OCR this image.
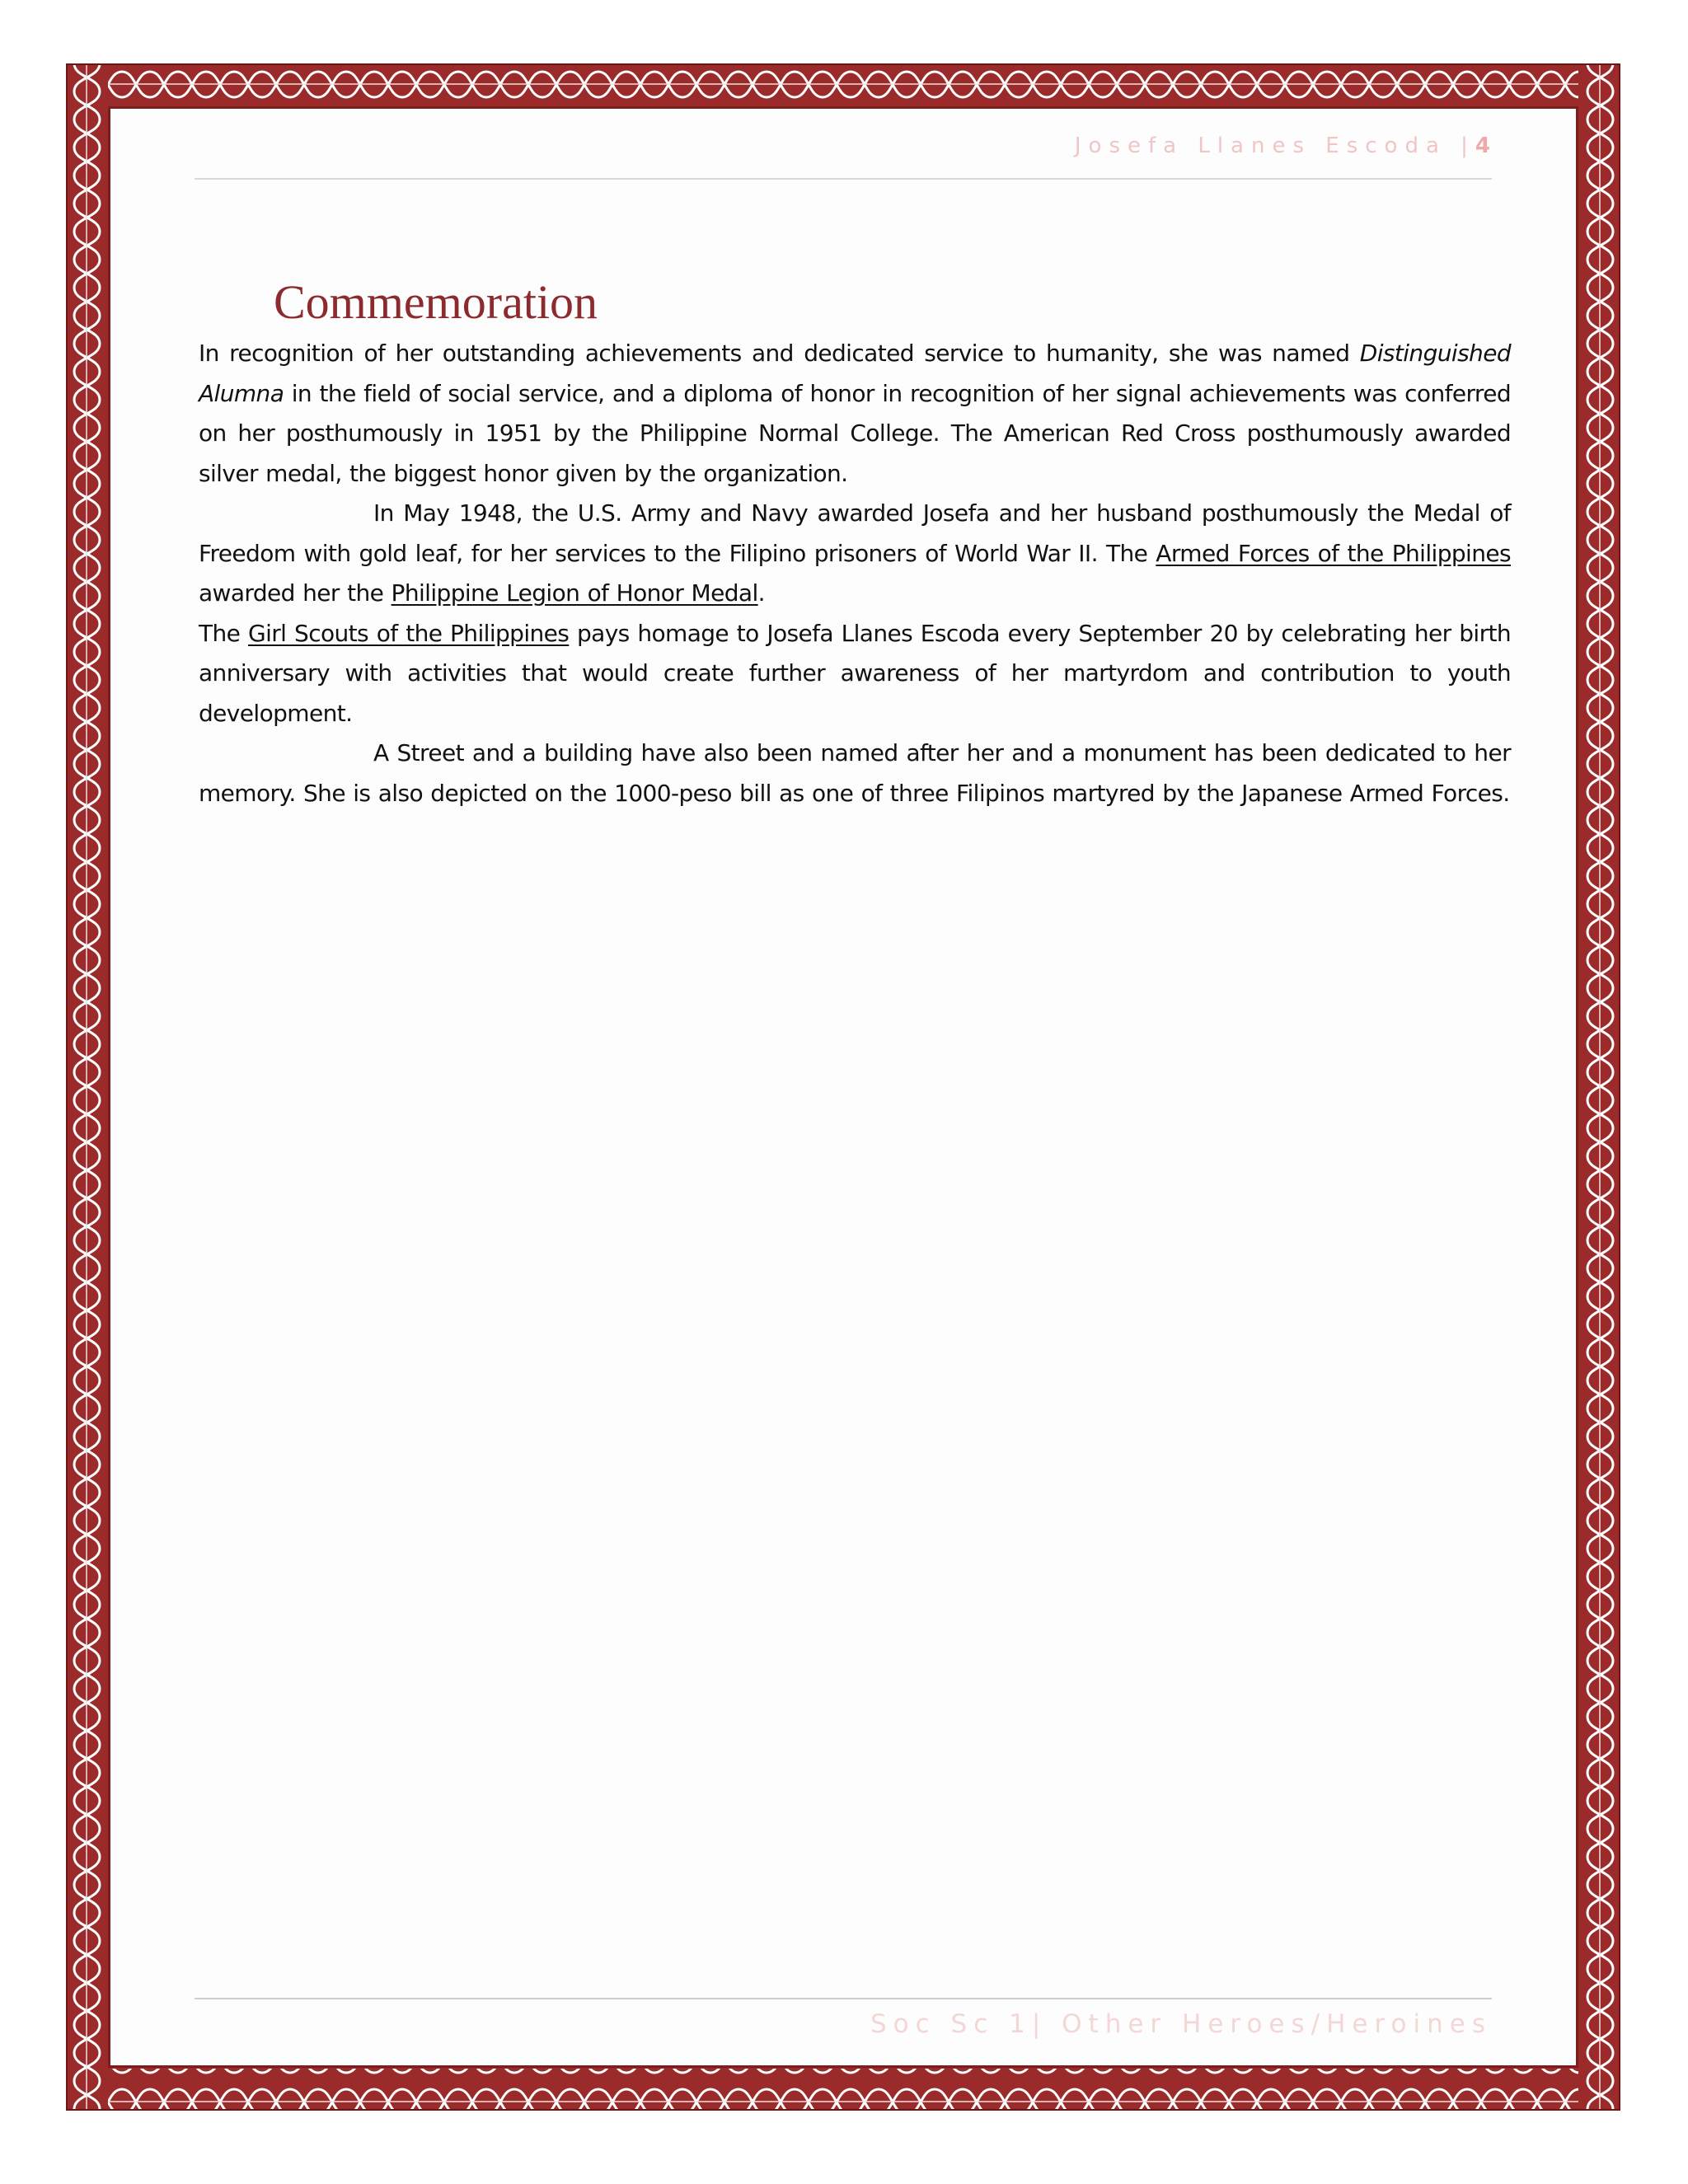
Josefa Llanes Escoda |4
Commemoration

In recognition of her outstanding achievements and dedicated service to humanity, she was named Distinguished Alumna in the field of social service, and a diploma of honor in recognition of her signal achievements was conferred on her posthumously in 1951 by the Philippine Normal College. The American Red Cross posthumously awarded silver medal, the biggest honor given by the organization.

In May 1948, the U.S. Army and Navy awarded Josefa and her husband posthumously the Medal of Freedom with gold leaf, for her services to the Filipino prisoners of World War II. The Armed Forces of the Philippines awarded her the Philippine Legion of Honor Medal.

The Girl Scouts of the Philippines pays homage to Josefa Llanes Escoda every September 20 by celebrating her birth anniversary with activities that would create further awareness of her martyrdom and contribution to youth development.

A Street and a building have also been named after her and a monument has been dedicated to her memory. She is also depicted on the 1000-peso bill as one of three Filipinos martyred by the Japanese Armed Forces.

Soc Sc 1| Other Heroes/Heroines
